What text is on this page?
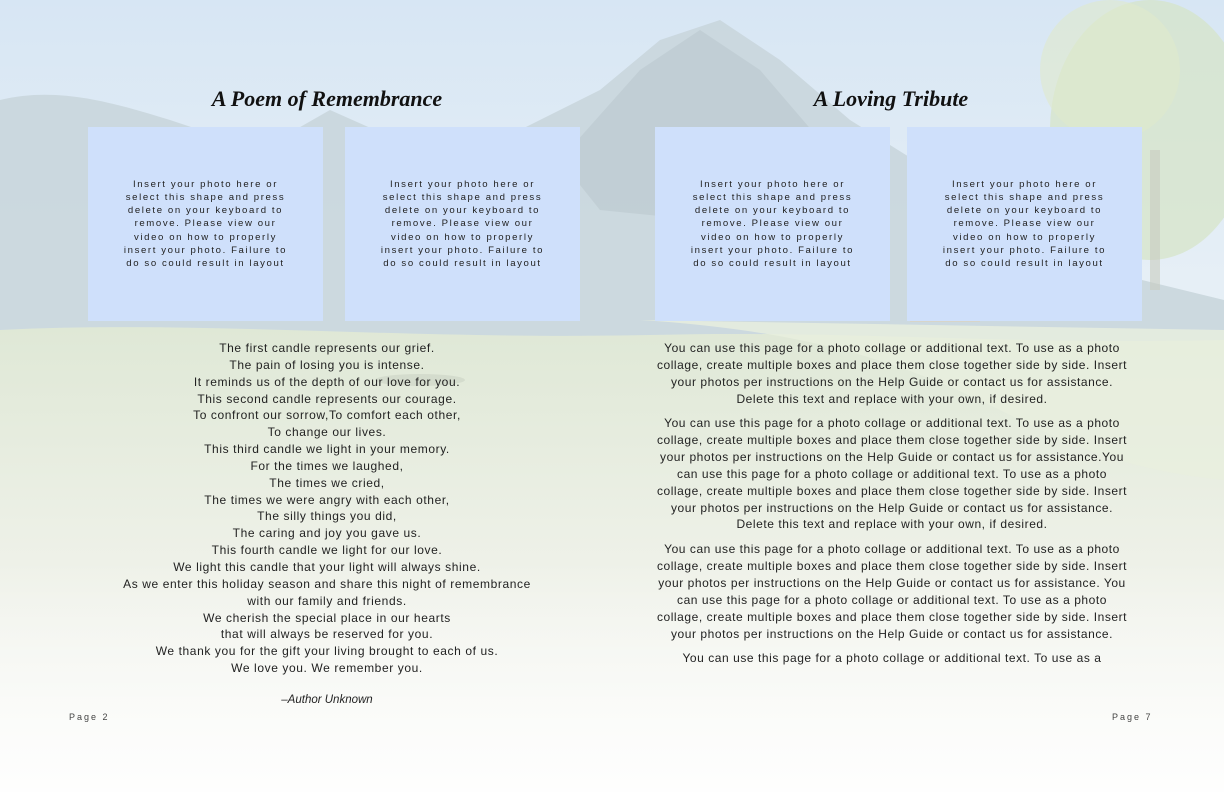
A Poem of Remembrance

Insert your photo here or select this shape and press delete on your keyboard to remove. Please view our video on how to properly insert your photo. Failure to do so could result in layout

Insert your photo here or select this shape and press delete on your keyboard to remove. Please view our video on how to properly insert your photo. Failure to do so could result in layout

The first candle represents our grief.
The pain of losing you is intense.
It reminds us of the depth of our love for you.
This second candle represents our courage.
To confront our sorrow,To comfort each other,
To change our lives.
This third candle we light in your memory.
For the times we laughed,
The times we cried,
The times we were angry with each other,
The silly things you did,
The caring and joy you gave us.
This fourth candle we light for our love.
We light this candle that your light will always shine.
As we enter this holiday season and share this night of remembrance
with our family and friends.
We cherish the special place in our hearts
that will always be reserved for you.
We thank you for the gift your living brought to each of us.
We love you. We remember you.
–Author Unknown
Page 2
A Loving Tribute

Insert your photo here or select this shape and press delete on your keyboard to remove. Please view our video on how to properly insert your photo. Failure to do so could result in layout

Insert your photo here or select this shape and press delete on your keyboard to remove. Please view our video on how to properly insert your photo. Failure to do so could result in layout

You can use this page for a photo collage or additional text. To use as a photo collage, create multiple boxes and place them close together side by side. Insert your photos per instructions on the Help Guide or contact us for assistance. Delete this text and replace with your own, if desired.

You can use this page for a photo collage or additional text. To use as a photo collage, create multiple boxes and place them close together side by side. Insert your photos per instructions on the Help Guide or contact us for assistance.You can use this page for a photo collage or additional text. To use as a photo collage, create multiple boxes and place them close together side by side. Insert your photos per instructions on the Help Guide or contact us for assistance. Delete this text and replace with your own, if desired.

You can use this page for a photo collage or additional text. To use as a photo collage, create multiple boxes and place them close together side by side. Insert your photos per instructions on the Help Guide or contact us for assistance. You can use this page for a photo collage or additional text. To use as a photo collage, create multiple boxes and place them close together side by side. Insert your photos per instructions on the Help Guide or contact us for assistance.

You can use this page for a photo collage or additional text. To use as a

Page 7
